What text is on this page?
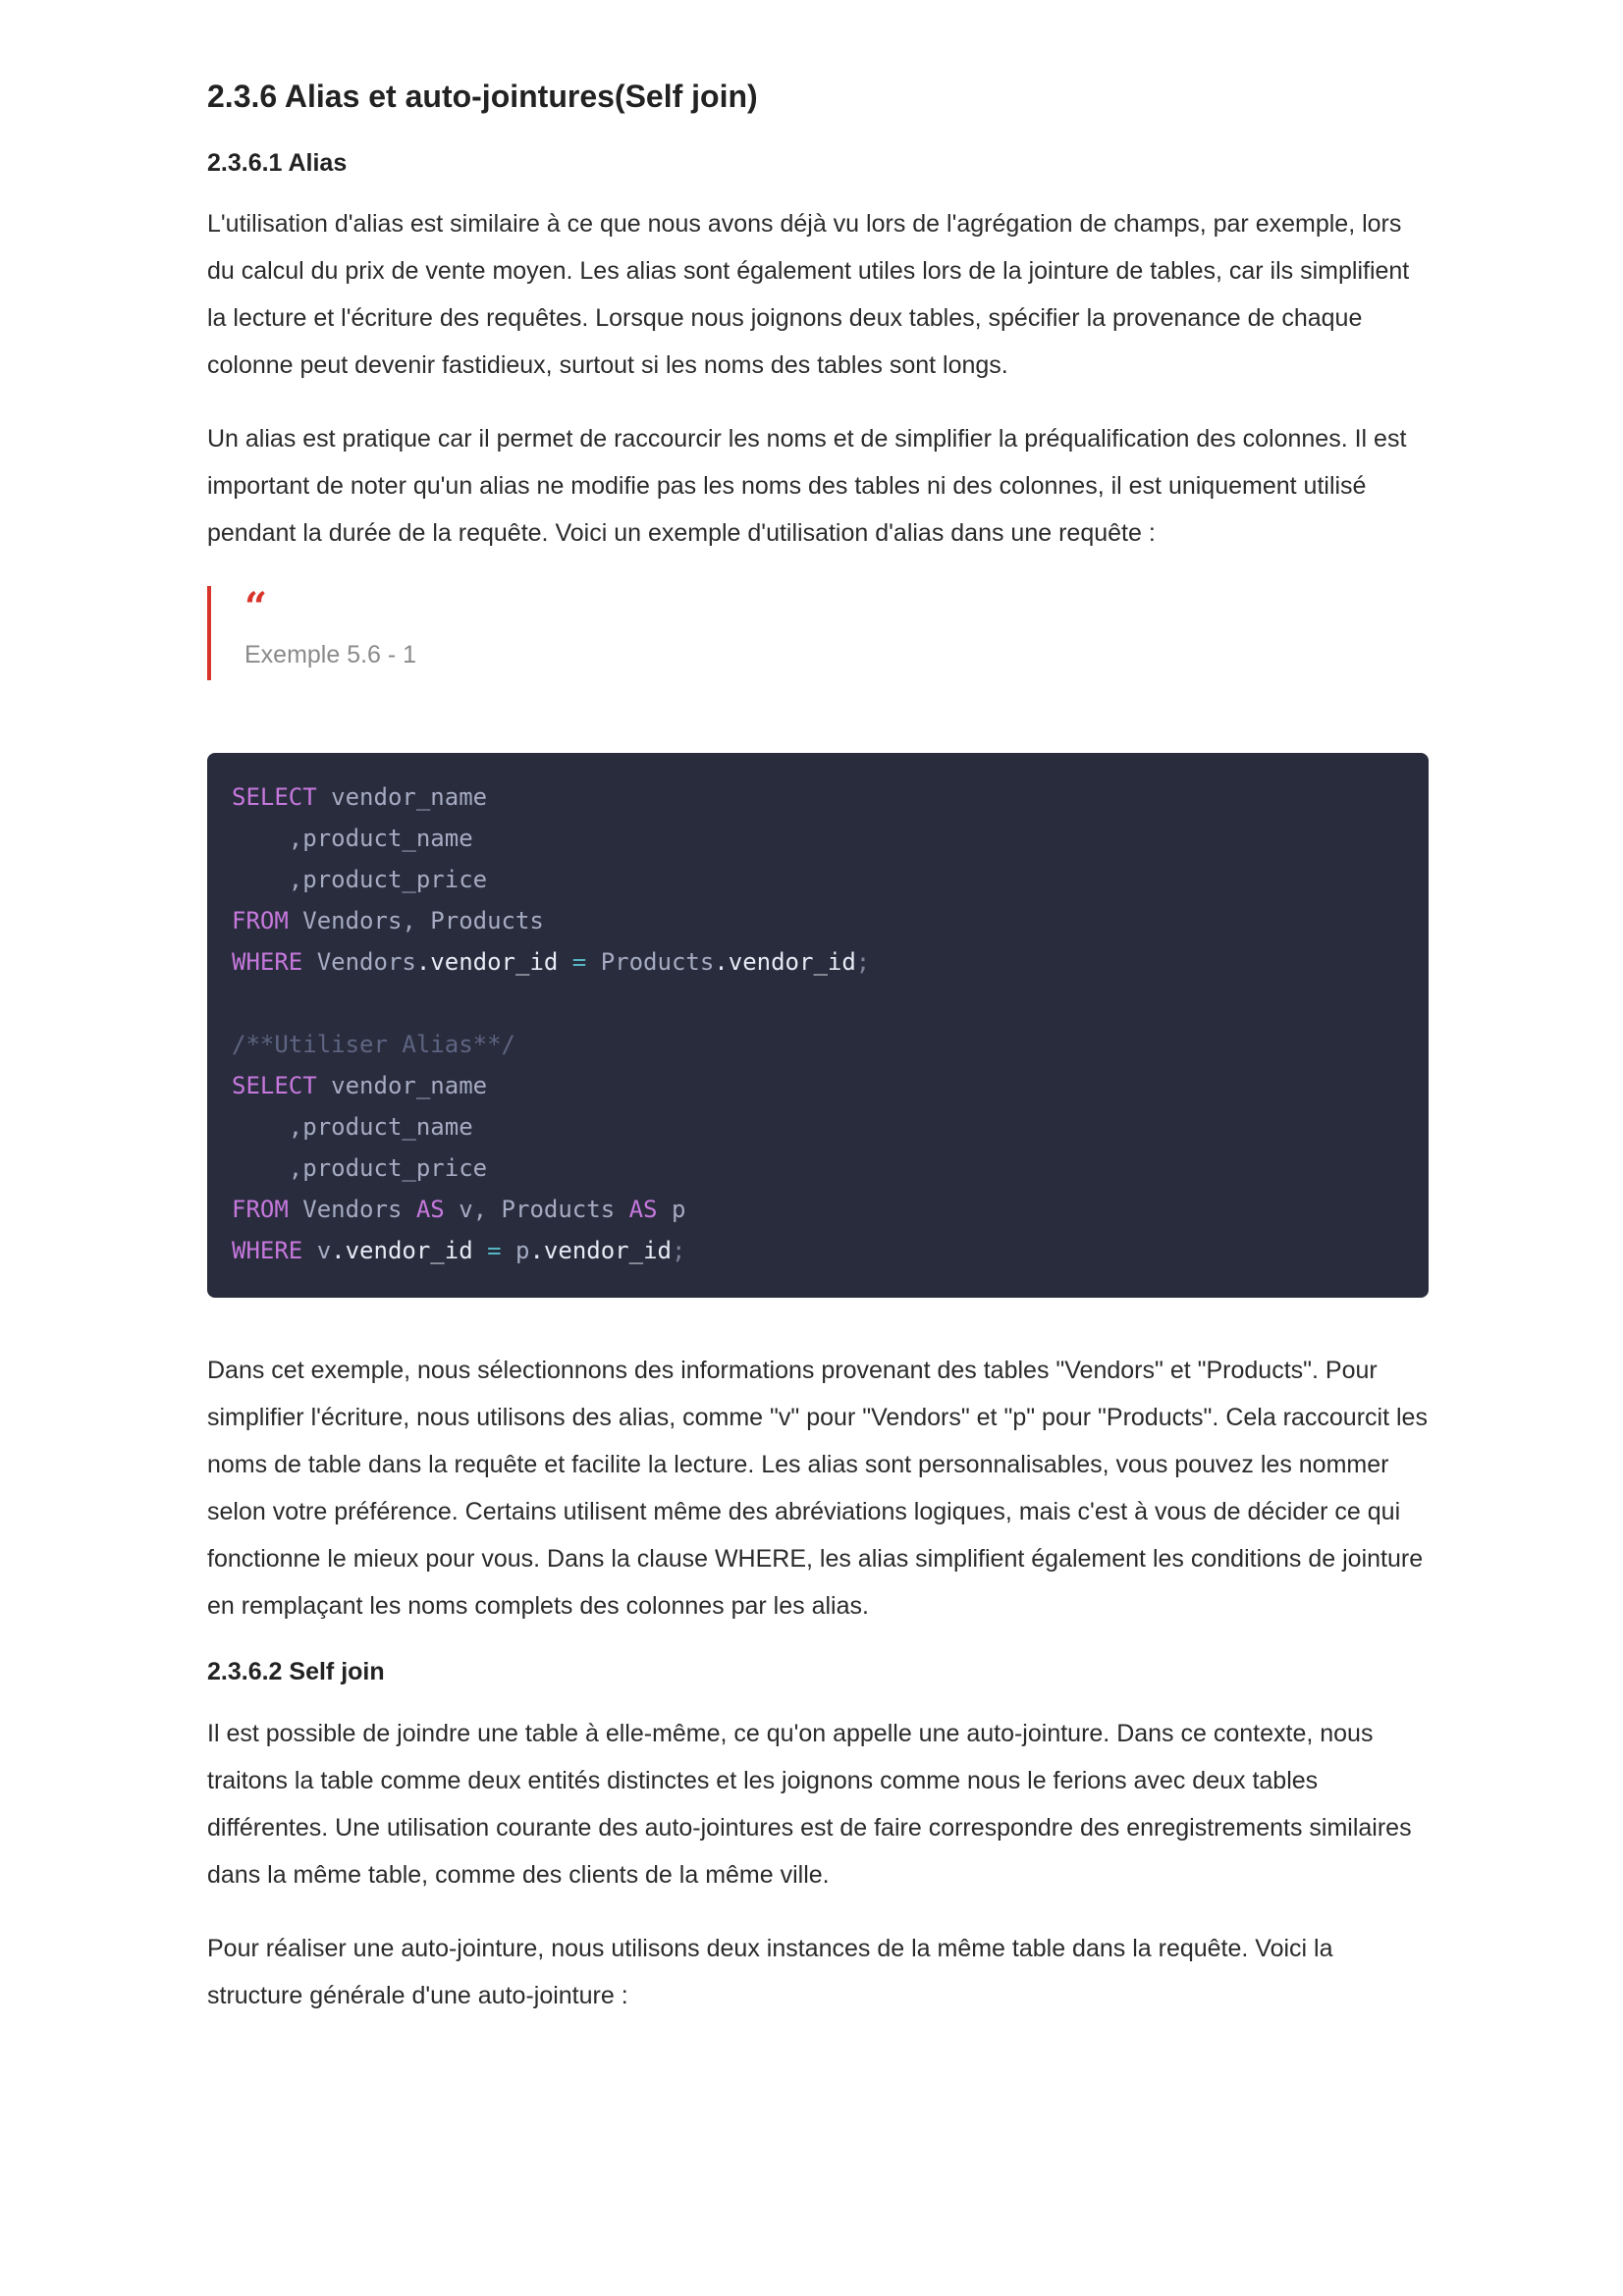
2.3.6 Alias et auto-jointures(Self join)
2.3.6.1 Alias

L'utilisation d'alias est similaire à ce que nous avons déjà vu lors de l'agrégation de champs, par exemple, lors du calcul du prix de vente moyen. Les alias sont également utiles lors de la jointure de tables, car ils simplifient la lecture et l'écriture des requêtes. Lorsque nous joignons deux tables, spécifier la provenance de chaque colonne peut devenir fastidieux, surtout si les noms des tables sont longs.

Un alias est pratique car il permet de raccourcir les noms et de simplifier la préqualification des colonnes. Il est important de noter qu'un alias ne modifie pas les noms des tables ni des colonnes, il est uniquement utilisé pendant la durée de la requête. Voici un exemple d'utilisation d'alias dans une requête :

“
Exemple 5.6 - 1
SELECT vendor_name
,product_name
,product_price
FROM Vendors, Products
WHERE Vendors.vendor_id = Products.vendor_id;
/**Utiliser Alias**/
SELECT vendor_name
,product_name
,product_price
FROM Vendors AS v, Products AS p
WHERE v.vendor_id = p.vendor_id;

Dans cet exemple, nous sélectionnons des informations provenant des tables "Vendors" et "Products". Pour simplifier l'écriture, nous utilisons des alias, comme "v" pour "Vendors" et "p" pour "Products". Cela raccourcit les noms de table dans la requête et facilite la lecture. Les alias sont personnalisables, vous pouvez les nommer selon votre préférence. Certains utilisent même des abréviations logiques, mais c'est à vous de décider ce qui fonctionne le mieux pour vous. Dans la clause WHERE, les alias simplifient également les conditions de jointure en remplaçant les noms complets des colonnes par les alias.

2.3.6.2 Self join

Il est possible de joindre une table à elle-même, ce qu'on appelle une auto-jointure. Dans ce contexte, nous traitons la table comme deux entités distinctes et les joignons comme nous le ferions avec deux tables différentes. Une utilisation courante des auto-jointures est de faire correspondre des enregistrements similaires dans la même table, comme des clients de la même ville.

Pour réaliser une auto-jointure, nous utilisons deux instances de la même table dans la requête. Voici la structure générale d'une auto-jointure :
